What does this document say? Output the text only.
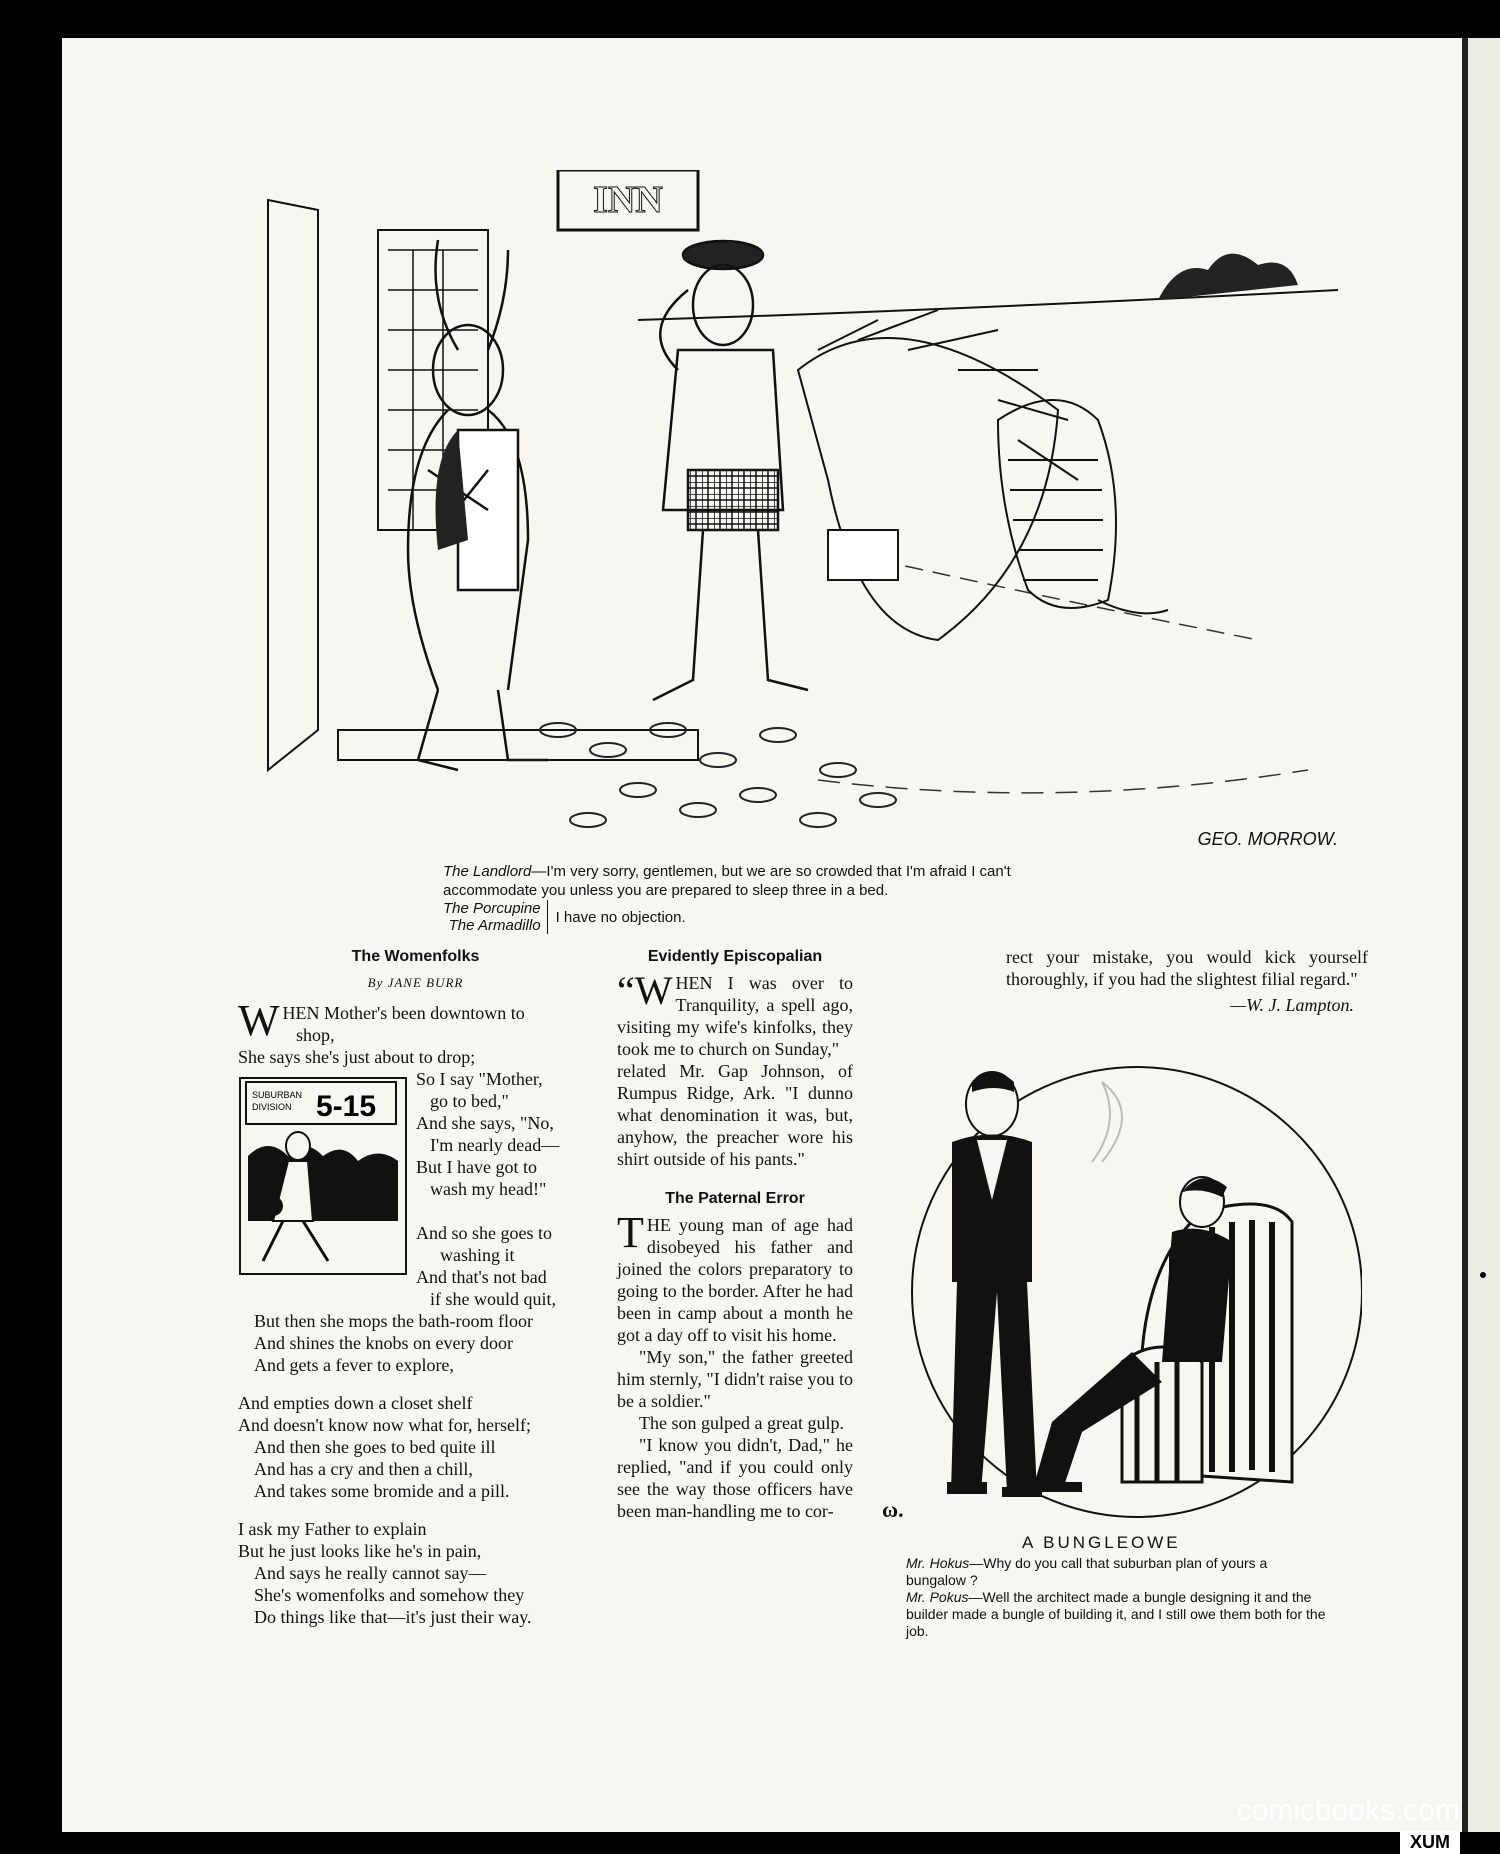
INN
GEO. MORROW.
The Landlord—I'm very sorry, gentlemen, but we are so crowded that I'm afraid I can't
accommodate you unless you are prepared to sleep three in a bed.
The Porcupine
The Armadillo	I have no objection.
The Womenfolks
By JANE BURR
W HEN Mother's been downtown to
shop,
She says she's just about to drop;
SUBURBAN
DIVISION 5-15
So I say "Mother,
go to bed,"
And she says, "No,
I'm nearly dead—
But I have got to
wash my head!"
And so she goes to
washing it
And that's not bad
if she would quit,
But then she mops the bath-room floor
And shines the knobs on every door
And gets a fever to explore,
And empties down a closet shelf
And doesn't know now what for, herself;
And then she goes to bed quite ill
And has a cry and then a chill,
And takes some bromide and a pill.
I ask my Father to explain
But he just looks like he's in pain,
And says he really cannot say—
She's womenfolks and somehow they
Do things like that—it's just their way.
Evidently Episcopalian
“W HEN I was over to Tranquility, a spell ago, visiting my wife's kinfolks, they took me to church on Sunday,"
related Mr. Gap Johnson, of Rumpus Ridge, Ark. "I dunno what denomination it was, but, anyhow, the preacher wore his shirt outside of his pants."
The Paternal Error
T HE young man of age had disobeyed his father and joined the colors preparatory to going to the border. After he had been in camp about a month he got a day off to visit his home.
"My son," the father greeted him sternly, "I didn't raise you to be a soldier."
The son gulped a great gulp.
"I know you didn't, Dad," he replied, "and if you could only see the way those officers have been man-handling me to cor-
rect your mistake, you would kick yourself thoroughly, if you had the slightest filial regard."
—W. J. Lampton.
ω.
A BUNGLEOWE
Mr. Hokus—Why do you call that suburban plan of yours a bungalow ?
Mr. Pokus—Well the architect made a bungle designing it and the builder made a bungle of building it, and I still owe them both for the job.
comicbooks.com
XUM
